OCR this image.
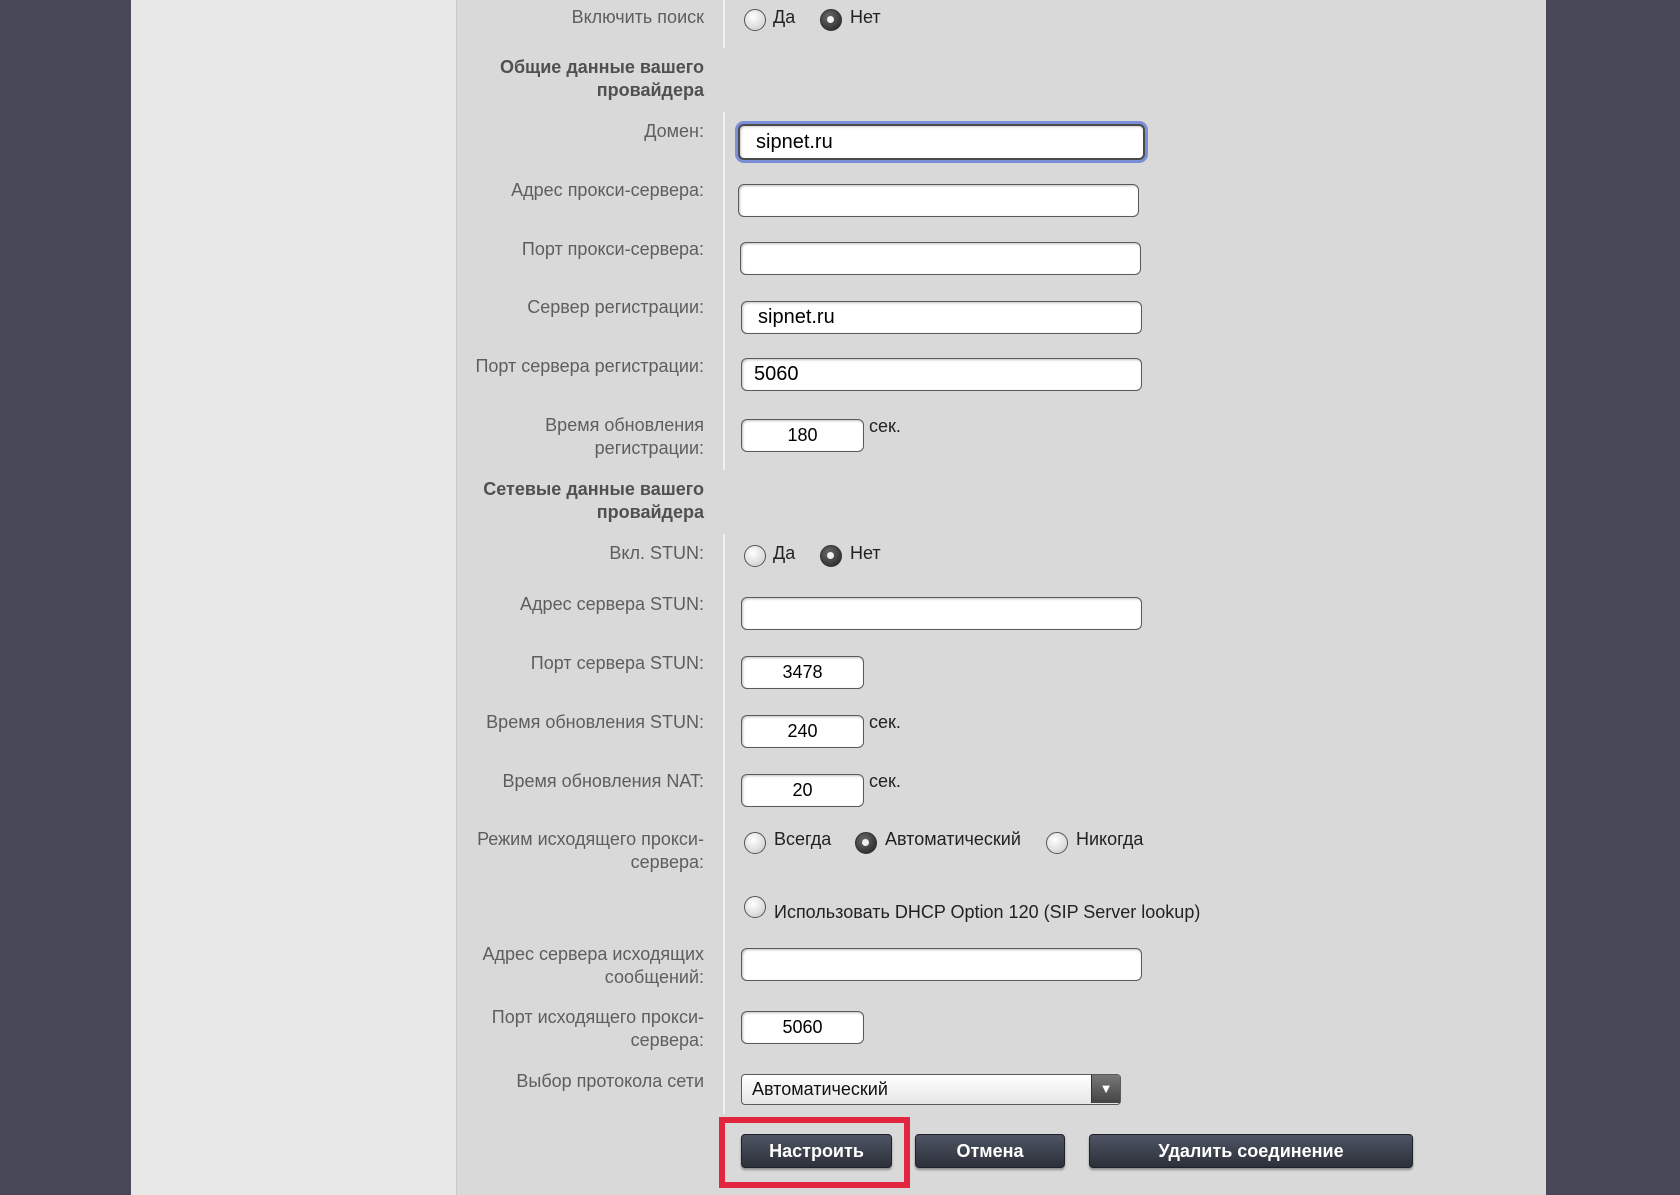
Включить поиск	Да	Нет
Общие данные вашего
провайдера
Домен:	sipnet.ru
Адрес прокси-сервера:
Порт прокси-сервера:
Сервер регистрации:	sipnet.ru
Порт сервера регистрации:	5060
Время обновления
регистрации:
180	сек.
Сетевые данные вашего
провайдера
Вкл. STUN:	Да	Нет
Адрес сервера STUN:
Порт сервера STUN:	3478
Время обновления STUN:	240	сек.
Время обновления NAT:	20	сек.
Режим исходящего прокси-
сервера:
Всегда	Автоматический	Никогда
Использовать DHCP Option 120 (SIP Server lookup)
Адрес сервера исходящих
сообщений:
Порт исходящего прокси-
сервера:
5060
Выбор протокола сети	Автоматический	▼
Настроить	Отмена	Удалить соединение
